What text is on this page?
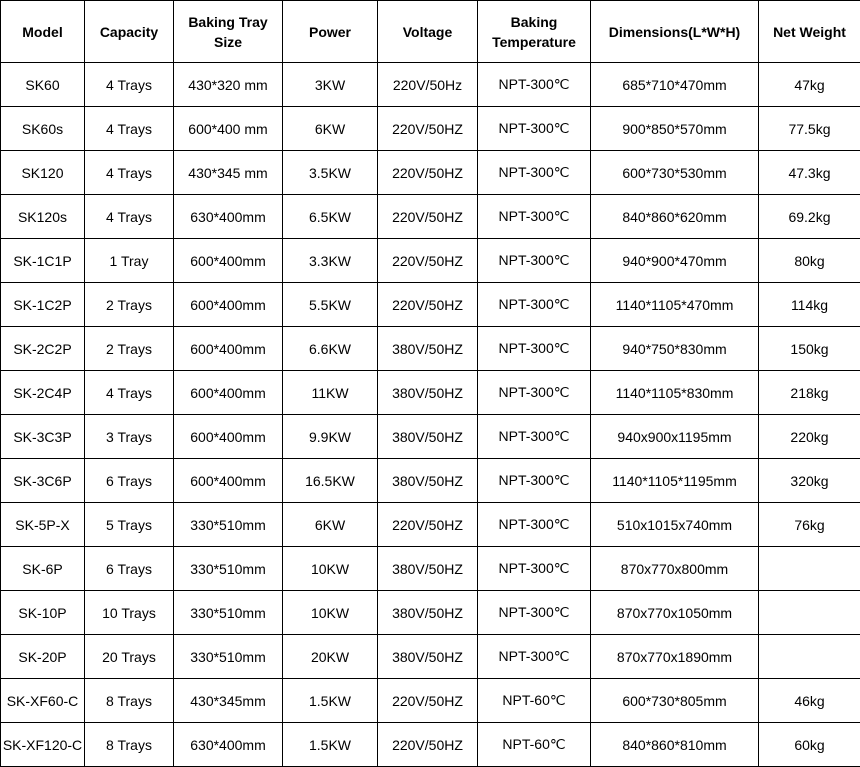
Model	Capacity	Baking Tray Size	Power	Voltage	Baking Temperature	Dimensions(L*W*H)	Net Weight
SK60	4 Trays	430*320 mm	3KW	220V/50Hz	NPT-300℃	685*710*470mm	47kg
SK60s	4 Trays	600*400 mm	6KW	220V/50HZ	NPT-300℃	900*850*570mm	77.5kg
SK120	4 Trays	430*345 mm	3.5KW	220V/50HZ	NPT-300℃	600*730*530mm	47.3kg
SK120s	4 Trays	630*400mm	6.5KW	220V/50HZ	NPT-300℃	840*860*620mm	69.2kg
SK-1C1P	1 Tray	600*400mm	3.3KW	220V/50HZ	NPT-300℃	940*900*470mm	80kg
SK-1C2P	2 Trays	600*400mm	5.5KW	220V/50HZ	NPT-300℃	1140*1105*470mm	114kg
SK-2C2P	2 Trays	600*400mm	6.6KW	380V/50HZ	NPT-300℃	940*750*830mm	150kg
SK-2C4P	4 Trays	600*400mm	11KW	380V/50HZ	NPT-300℃	1140*1105*830mm	218kg
SK-3C3P	3 Trays	600*400mm	9.9KW	380V/50HZ	NPT-300℃	940x900x1195mm	220kg
SK-3C6P	6 Trays	600*400mm	16.5KW	380V/50HZ	NPT-300℃	1140*1105*1195mm	320kg
SK-5P-X	5 Trays	330*510mm	6KW	220V/50HZ	NPT-300℃	510x1015x740mm	76kg
SK-6P	6 Trays	330*510mm	10KW	380V/50HZ	NPT-300℃	870x770x800mm	
SK-10P	10 Trays	330*510mm	10KW	380V/50HZ	NPT-300℃	870x770x1050mm	
SK-20P	20 Trays	330*510mm	20KW	380V/50HZ	NPT-300℃	870x770x1890mm	
SK-XF60-C	8 Trays	430*345mm	1.5KW	220V/50HZ	NPT-60℃	600*730*805mm	46kg
SK-XF120-C	8 Trays	630*400mm	1.5KW	220V/50HZ	NPT-60℃	840*860*810mm	60kg
